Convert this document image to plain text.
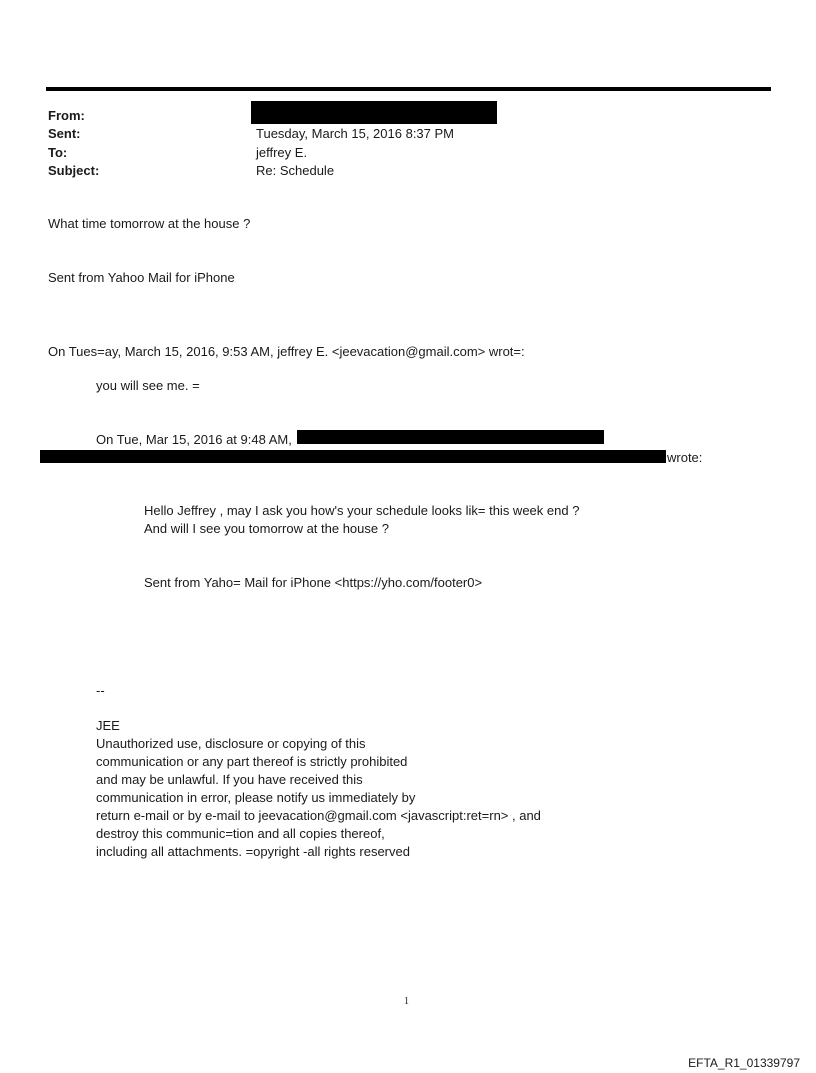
From:
Sent:	Tuesday, March 15, 2016 8:37 PM
To:	jeffrey E.
Subject:	Re: Schedule
What time tomorrow at the house ?
Sent from Yahoo Mail for iPhone
On Tues=ay, March 15, 2016, 9:53 AM, jeffrey E. <jeevacation@gmail.com> wrot=:
you will see me. =
On Tue, Mar 15, 2016 at 9:48 AM,
wrote:
Hello Jeffrey , may I ask you how's your schedule looks lik= this week end ?
And will I see you tomorrow at the house ?
Sent from Yaho= Mail for iPhone <https://yho.com/footer0>
--
JEE
Unauthorized use, disclosure or copying of this
communication or any part thereof is strictly prohibited
and may be unlawful. If you have received this
communication in error, please notify us immediately by
return e-mail or by e-mail to jeevacation@gmail.com <javascript:ret=rn> , and
destroy this communic=tion and all copies thereof,
including all attachments. =opyright -all rights reserved
1
EFTA_R1_01339797
